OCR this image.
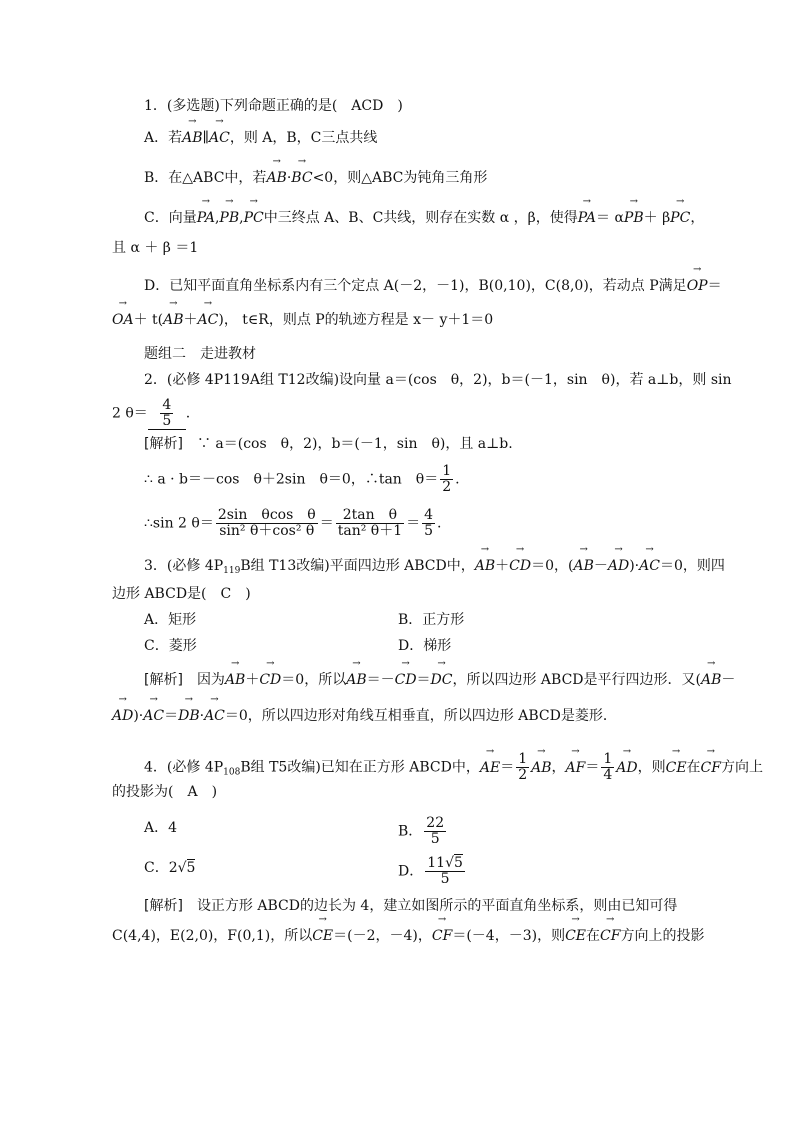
1．(多选题)下列命题正确的是(　ACD　)
A．若→ AB∥→ AC，则 A，B，C三点共线
B．在△ABC中，若→ AB·→ BC<0，则△ABC为钝角三角形
C．向量→ PA,→ PB,→ PC中三终点 A、B、C共线，则存在实数 α ，β，使得→ PA＝ α→ PB＋ β→ PC，
且 α ＋ β ＝1
D．已知平面直角坐标系内有三个定点 A(－2，－1)，B(0,10)，C(8,0)，若动点 P满足→ OP＝
→ OA＋ t(→ AB＋→ AC)， t∈R，则点 P的轨迹方程是 x－ y＋1＝0
题组二　走进教材
2．(必修 4P119A组 T12改编)设向量 a＝(cos　θ，2)，b＝(－1，sin　θ)，若 a⊥b，则 sin
2 $\theta= \frac{4}{5}$ .
[解析]　 ∵ a＝(cos　θ，2)，b＝(－1，sin　θ)，且 a⊥b.
∴ a · b＝－cos　θ＋2sin　θ＝0，∴tan　$\theta= \frac{1}{2}$ .
∴sin 2 $\theta= \frac{\text{2sin　θcos　θ}}{\text{sin² θ＋cos² θ}} = \frac{\text{2tan　θ}}{\text{tan² θ＋1}} = \frac{4}{5}$ .
3．(必修 $4P_{119}B$组 T13改编)平面四边形 ABCD中，→ AB＋→ CD＝0，(→ AB－→ AD)·→ AC＝0，则四
边形 ABCD是(　C　)
A．矩形	B．正方形
C．菱形	D．梯形
[解析]　 因为→ AB＋→ CD＝0，所以→ AB＝－→ CD＝→ DC，所以四边形 ABCD是平行四边形．又(→ AB－
→ AD)·→ AC＝→ DB·→ AC＝0，所以四边形对角线互相垂直，所以四边形 ABCD是菱形．
4．(必修 $4P_{108}B$组 T5改编)已知在正方形 ABCD中，→ $AE= \frac{1}{2}$ → AB，→ $AF= \frac{1}{4}$ → AD，则→ CE在→ CF方向上
的投影为(　A　)
A．4	B． $\frac{22}{5}$
C．2√5	D． $\frac{11√5}{5}$
[解析]　 设正方形 ABCD的边长为 4，建立如图所示的平面直角坐标系，则由已知可得
C(4,4)，E(2,0)，F(0,1)，所以→ CE＝(－2，－4)，→ CF＝(－4，－3)，则→ CE在→ CF方向上的投影
